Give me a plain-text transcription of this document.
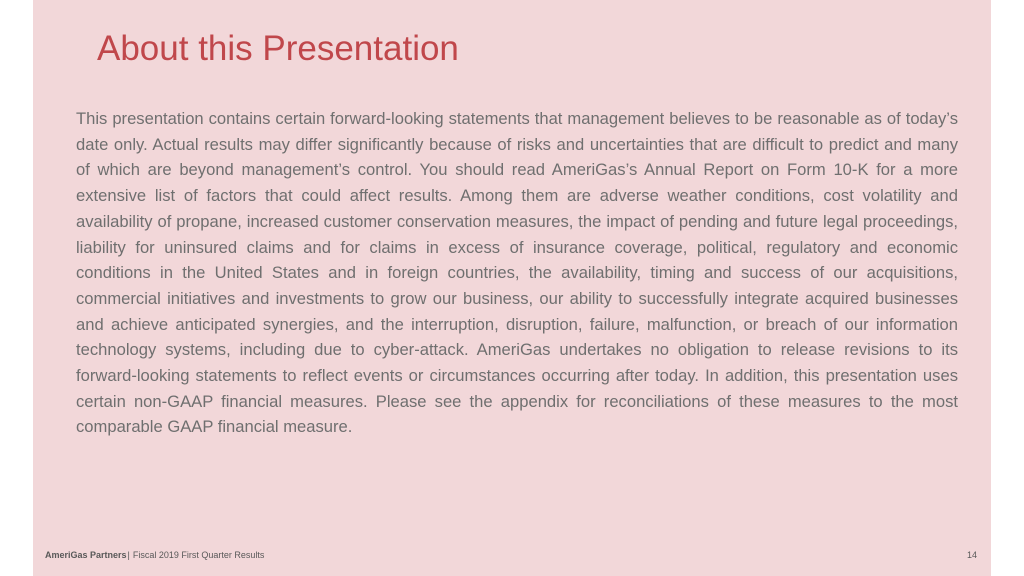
About this Presentation

This presentation contains certain forward-looking statements that management believes to be reasonable as of today’s date only. Actual results may differ significantly because of risks and uncertainties that are difficult to predict and many of which are beyond management’s control. You should read AmeriGas’s Annual Report on Form 10-K for a more extensive list of factors that could affect results. Among them are adverse weather conditions, cost volatility and availability of propane, increased customer conservation measures, the impact of pending and future legal proceedings, liability for uninsured claims and for claims in excess of insurance coverage, political, regulatory and economic conditions in the United States and in foreign countries, the availability, timing and success of our acquisitions, commercial initiatives and investments to grow our business, our ability to successfully integrate acquired businesses and achieve anticipated synergies, and the interruption, disruption, failure, malfunction, or breach of our information technology systems, including due to cyber-attack. AmeriGas undertakes no obligation to release revisions to its forward-looking statements to reflect events or circumstances occurring after today. In addition, this presentation uses certain non-GAAP financial measures. Please see the appendix for reconciliations of these measures to the most comparable GAAP financial measure.

AmeriGas Partners| Fiscal 2019 First Quarter Results	14
